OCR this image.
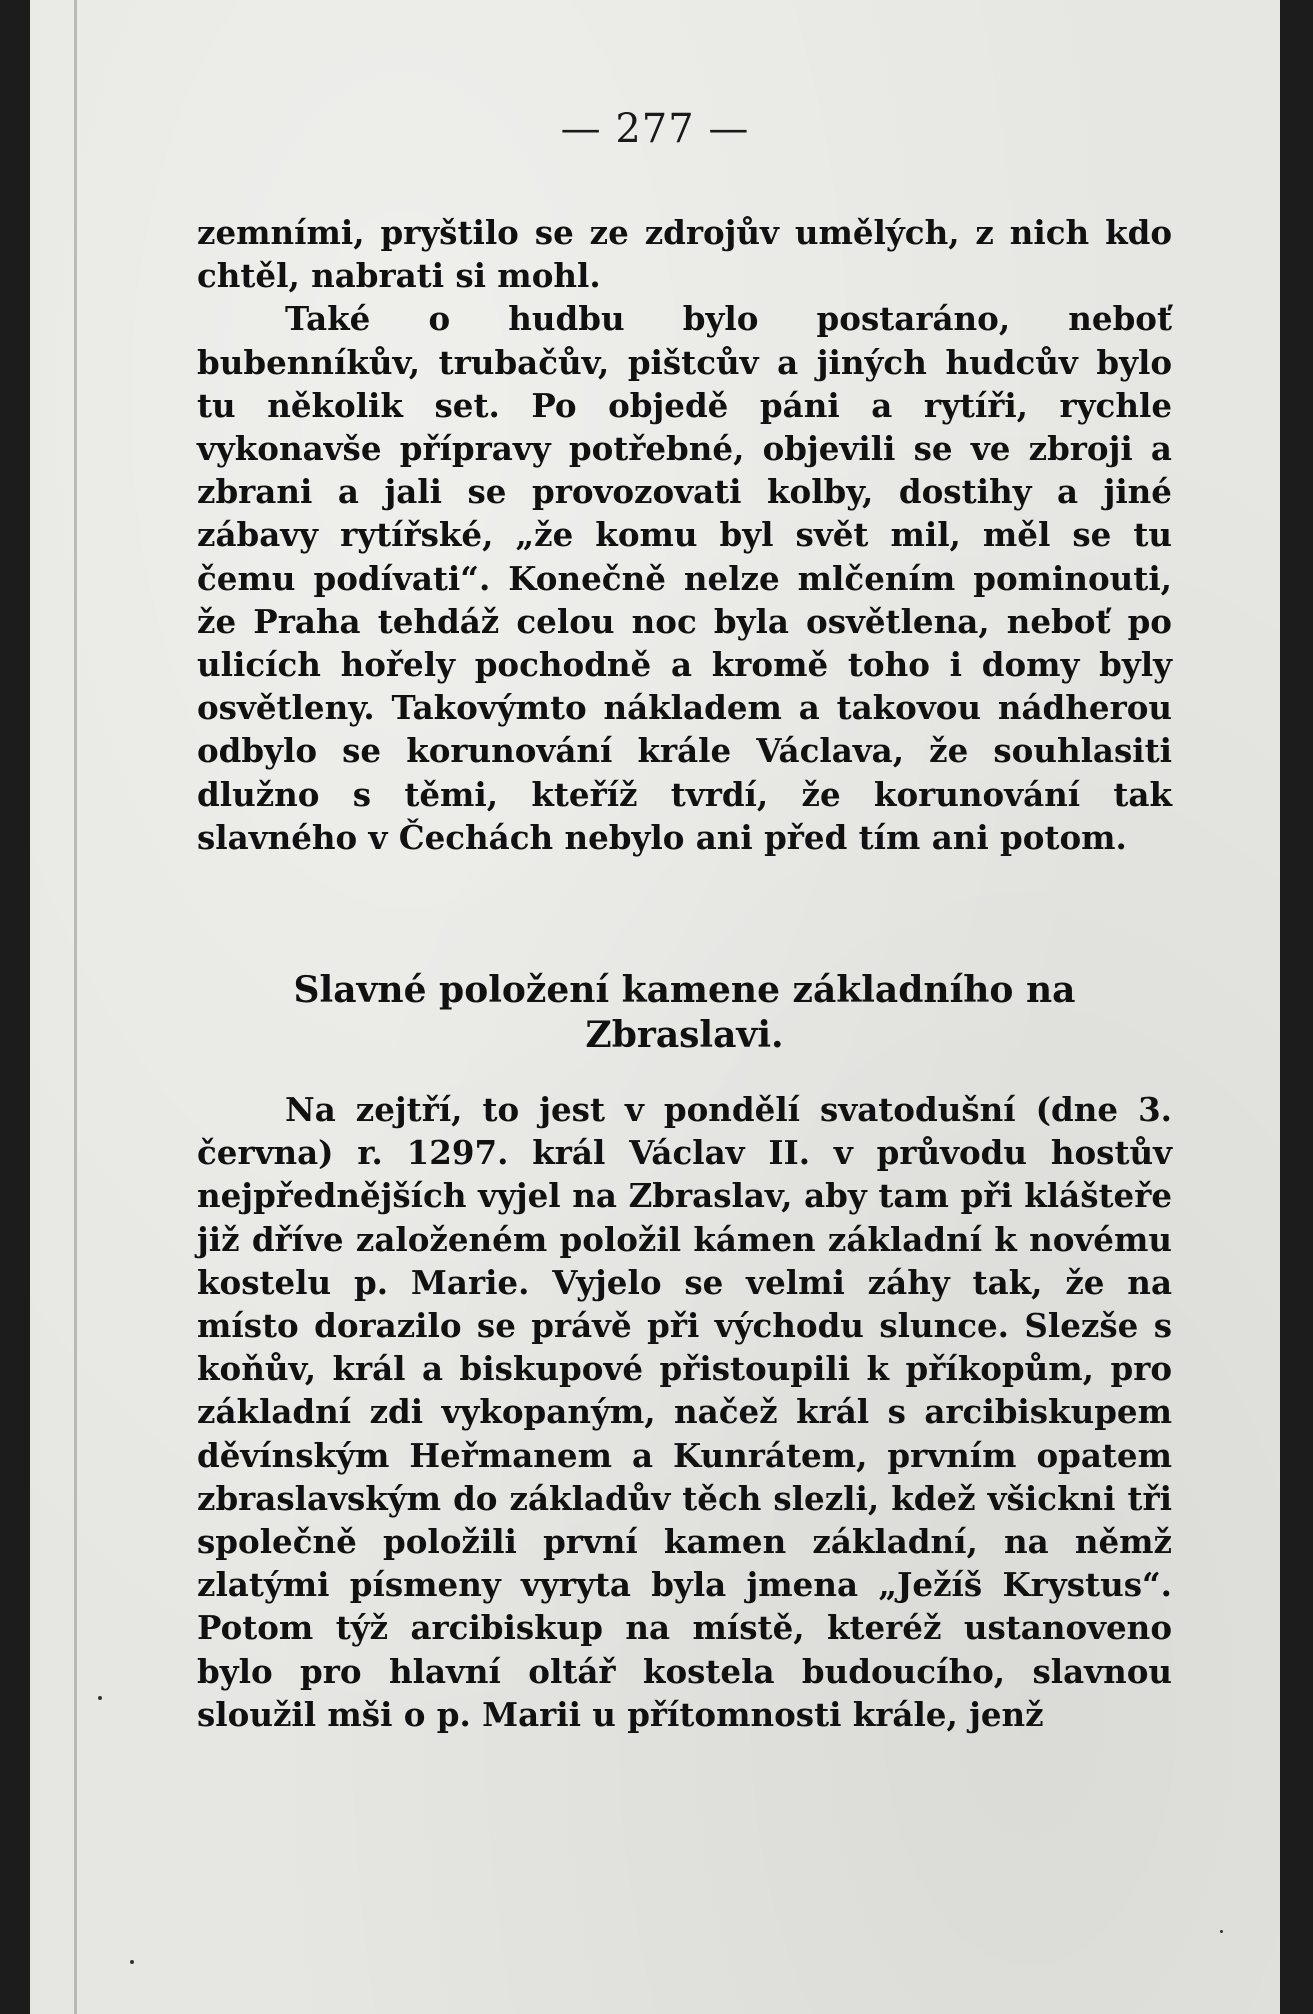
— 277 —

zemními, pryštilo se ze zdrojův umělých, z nich kdo chtěl, nabrati si mohl.

Také o hudbu bylo postaráno, neboť bubenníkův, trubačův, pištcův a jiných hudcův bylo tu několik set. Po objedě páni a rytíři, rychle vykonavše přípravy potřebné, objevili se ve zbroji a zbrani a jali se provozovati kolby, dostihy a jiné zábavy rytířské, „že komu byl svět mil, měl se tu čemu podívati“. Konečně nelze mlčením pominouti, že Praha tehdáž celou noc byla osvětlena, neboť po ulicích hořely pochodně a kromě toho i domy byly osvětleny. Takovýmto nákladem a takovou nádherou odbylo se korunování krále Václava, že souhlasiti dlužno s těmi, kteříž tvrdí, že korunování tak slavného v Čechách nebylo ani před tím ani potom.

Slavné položení kamene základního na Zbraslavi.

Na zejtří, to jest v pondělí svatodušní (dne 3. června) r. 1297. král Václav II. v průvodu hostův nejpřednějších vyjel na Zbraslav, aby tam při klášteře již dříve založeném položil kámen základní k novému kostelu p. Marie. Vyjelo se velmi záhy tak, že na místo dorazilo se právě při východu slunce. Slezše s koňův, král a biskupové přistoupili k příkopům, pro základní zdi vykopaným, načež král s arcibiskupem děvínským Heřmanem a Kunrátem, prvním opatem zbraslavským do základův těch slezli, kdež všickni tři společně položili první kamen základní, na němž zlatými písmeny vyryta byla jmena „Ježíš Krystus“. Potom týž arcibiskup na místě, kteréž ustanoveno bylo pro hlavní oltář kostela budoucího, slavnou sloužil mši o p. Marii u přítomnosti krále, jenž
